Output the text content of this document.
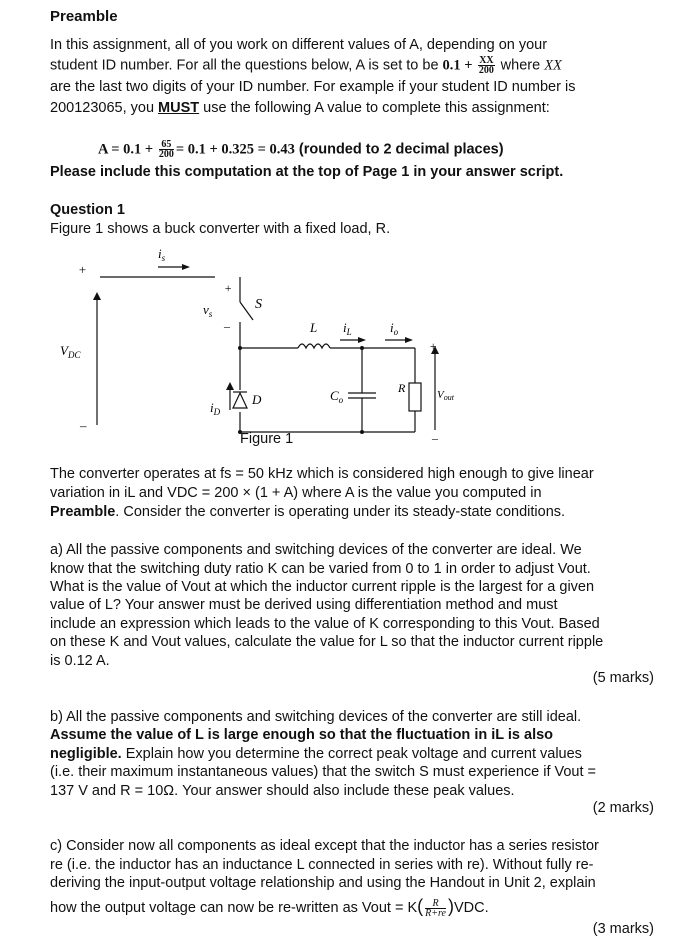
Preamble
In this assignment, all of you work on different values of A, depending on your
student ID number. For all the questions below, A is set to be $0.1 + \frac{XX}{200}$ where XX
are the last two digits of your ID number. For example if your student ID number is
200123065, you MUST use the following A value to complete this assignment:
$A = 0.1 + \frac{65}{200} = 0.1 + 0.325 = 0.43$ (rounded to 2 decimal places)
Please include this computation at the top of Page 1 in your answer script.
Question 1
Figure 1 shows a buck converter with a fixed load, R.
$i_s$
+
–
$V_{DC}$
$v_s$
+
–
S
L $i_L$	$i_o$
+
–
$i_D$
D	$C_o$
R	Vout
Figure 1
The converter operates at fs = 50 kHz which is considered high enough to give linear
variation in iL and VDC = 200 × (1 + A) where A is the value you computed in
Preamble. Consider the converter is operating under its steady-state conditions.
a) All the passive components and switching devices of the converter are ideal. We
know that the switching duty ratio K can be varied from 0 to 1 in order to adjust Vout.
What is the value of Vout at which the inductor current ripple is the largest for a given
value of L? Your answer must be derived using differentiation method and must
include an expression which leads to the value of K corresponding to this Vout. Based
on these K and Vout values, calculate the value for L so that the inductor current ripple
is 0.12 A.
(5 marks)
b) All the passive components and switching devices of the converter are still ideal.
Assume the value of L is large enough so that the fluctuation in iL is also
negligible. Explain how you determine the correct peak voltage and current values
(i.e. their maximum instantaneous values) that the switch S must experience if Vout =
137 V and R = 10Ω. Your answer should also include these peak values.
(2 marks)
c) Consider now all components as ideal except that the inductor has a series resistor
re (i.e. the inductor has an inductance L connected in series with re). Without fully re-
deriving the input-output voltage relationship and using the Handout in Unit 2, explain
how the output voltage can now be re-written as Vout = $K( \frac{R}{R+re} )VDC$.
(3 marks)
